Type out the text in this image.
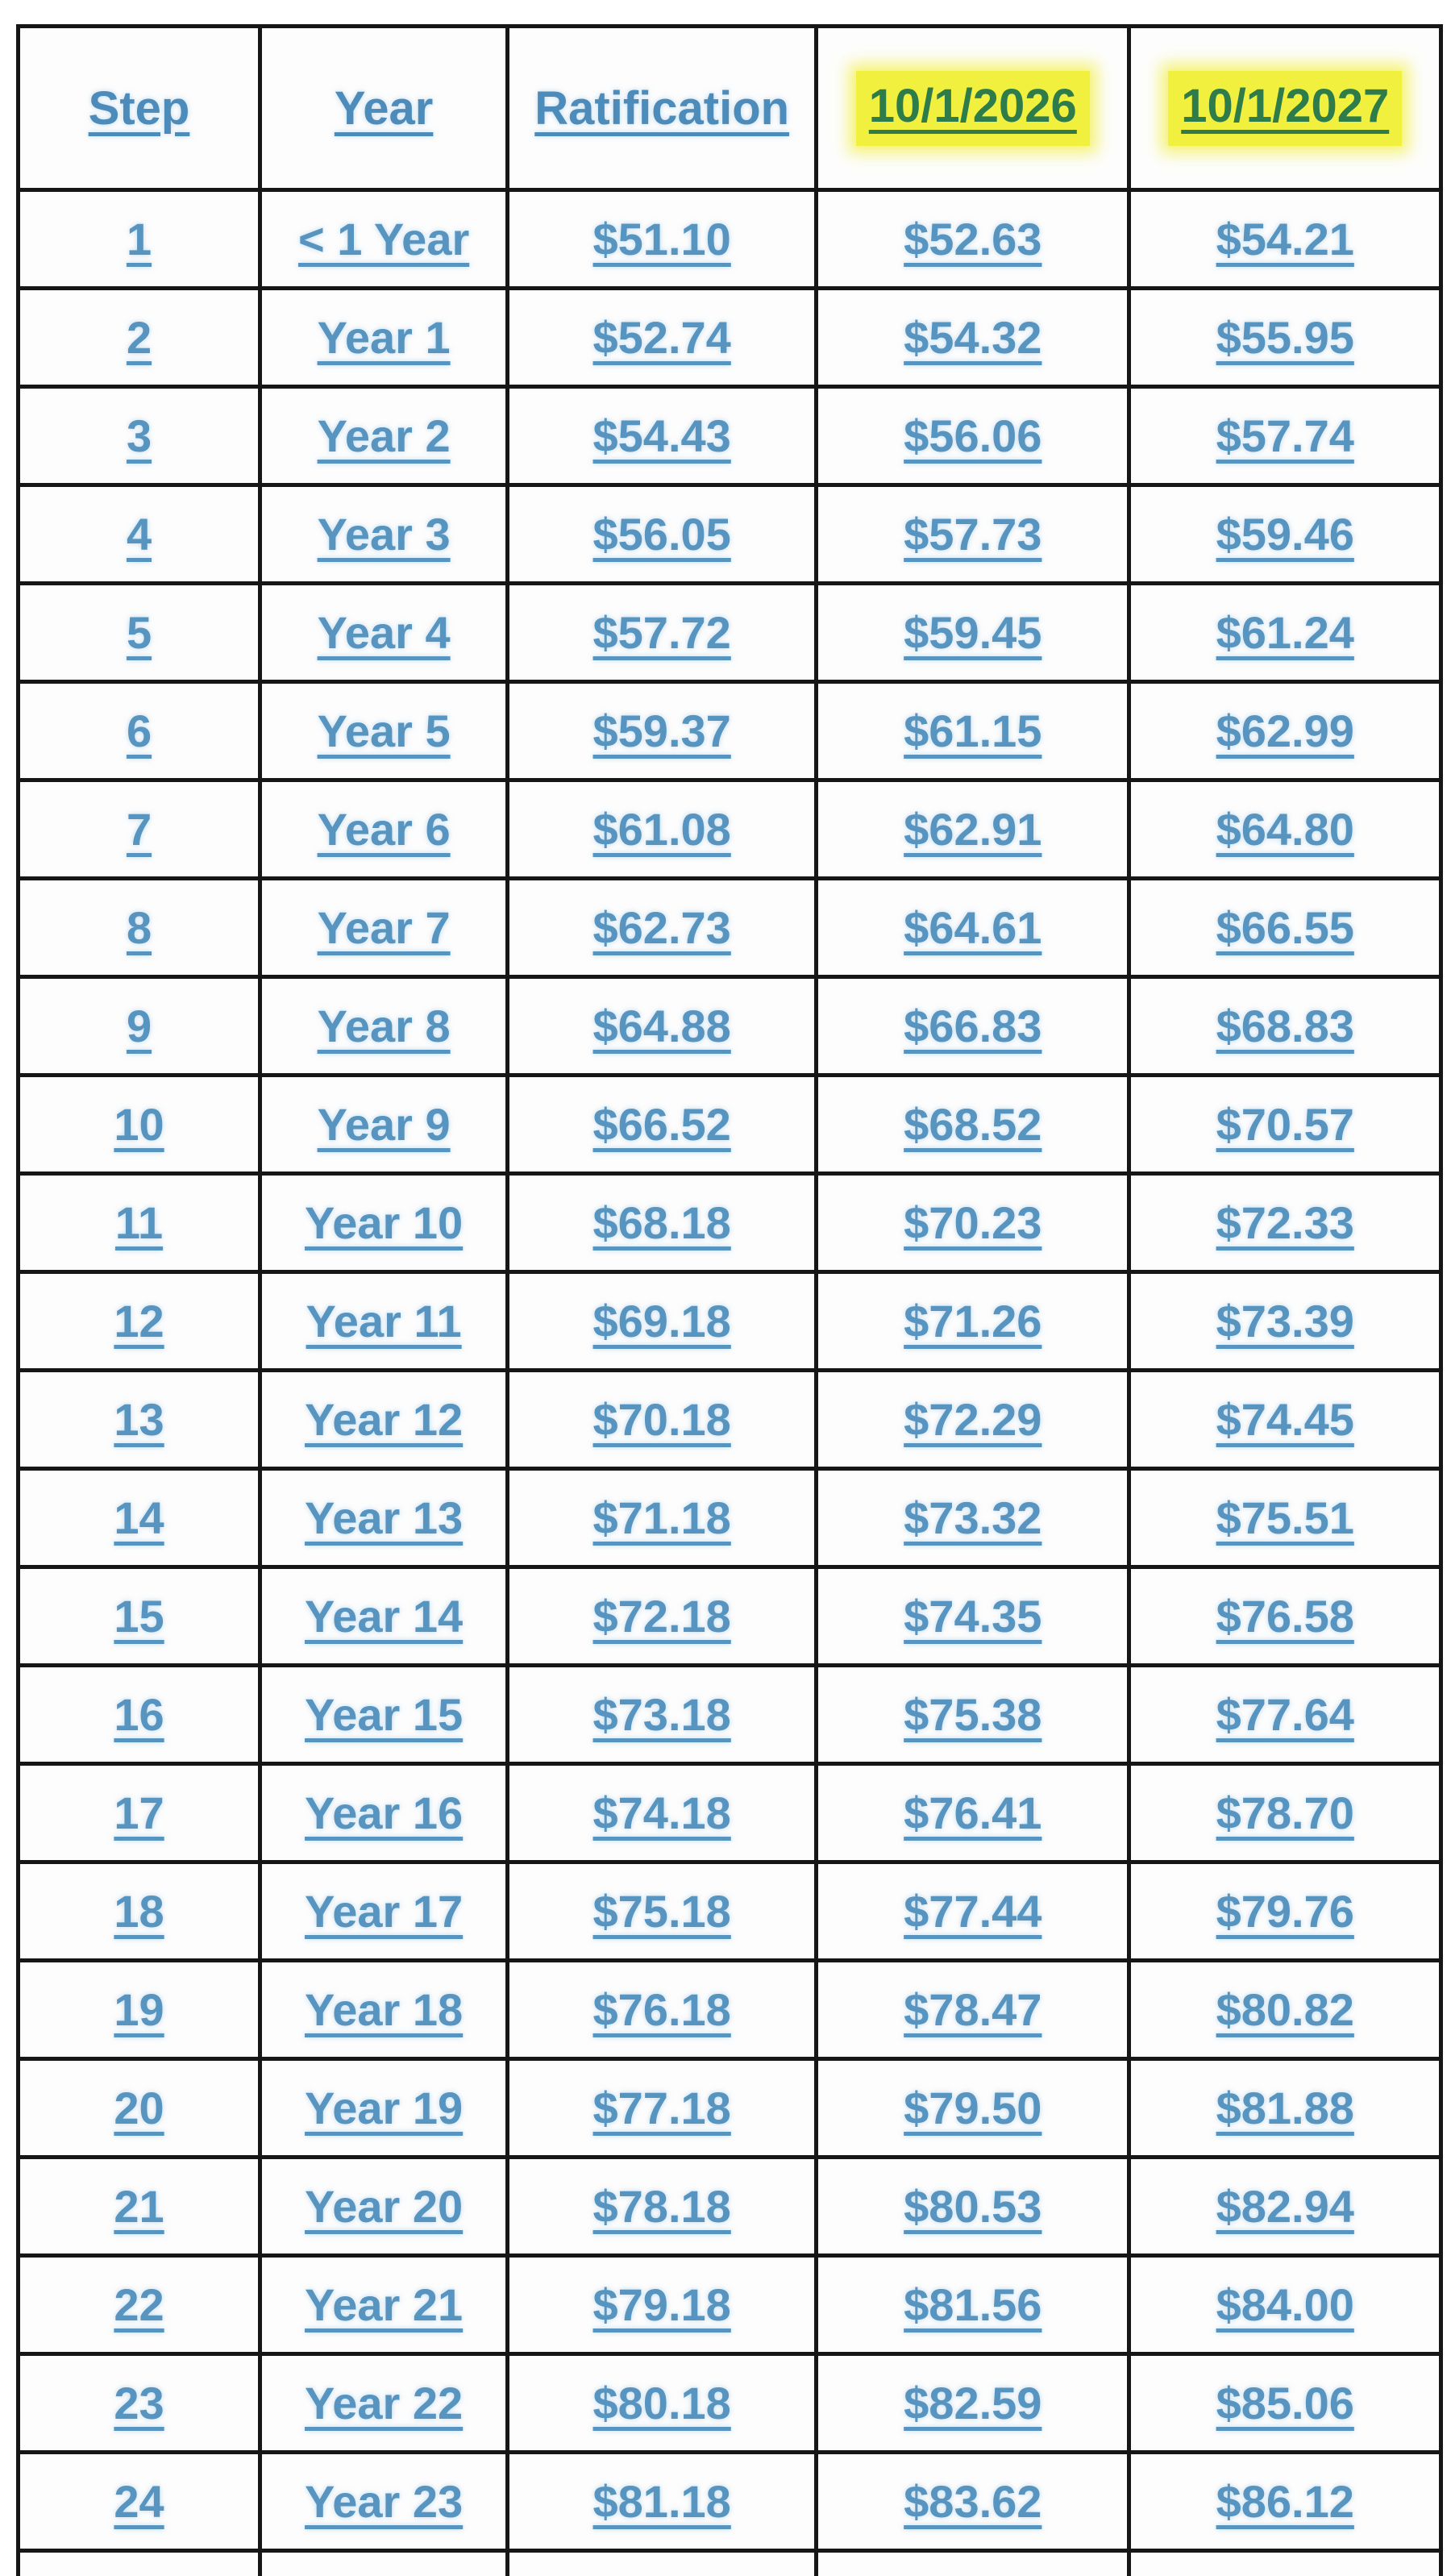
Step	Year	Ratification	10/1/2026	10/1/2027
1	< 1 Year	$51.10	$52.63	$54.21
2	Year 1	$52.74	$54.32	$55.95
3	Year 2	$54.43	$56.06	$57.74
4	Year 3	$56.05	$57.73	$59.46
5	Year 4	$57.72	$59.45	$61.24
6	Year 5	$59.37	$61.15	$62.99
7	Year 6	$61.08	$62.91	$64.80
8	Year 7	$62.73	$64.61	$66.55
9	Year 8	$64.88	$66.83	$68.83
10	Year 9	$66.52	$68.52	$70.57
11	Year 10	$68.18	$70.23	$72.33
12	Year 11	$69.18	$71.26	$73.39
13	Year 12	$70.18	$72.29	$74.45
14	Year 13	$71.18	$73.32	$75.51
15	Year 14	$72.18	$74.35	$76.58
16	Year 15	$73.18	$75.38	$77.64
17	Year 16	$74.18	$76.41	$78.70
18	Year 17	$75.18	$77.44	$79.76
19	Year 18	$76.18	$78.47	$80.82
20	Year 19	$77.18	$79.50	$81.88
21	Year 20	$78.18	$80.53	$82.94
22	Year 21	$79.18	$81.56	$84.00
23	Year 22	$80.18	$82.59	$85.06
24	Year 23	$81.18	$83.62	$86.12
